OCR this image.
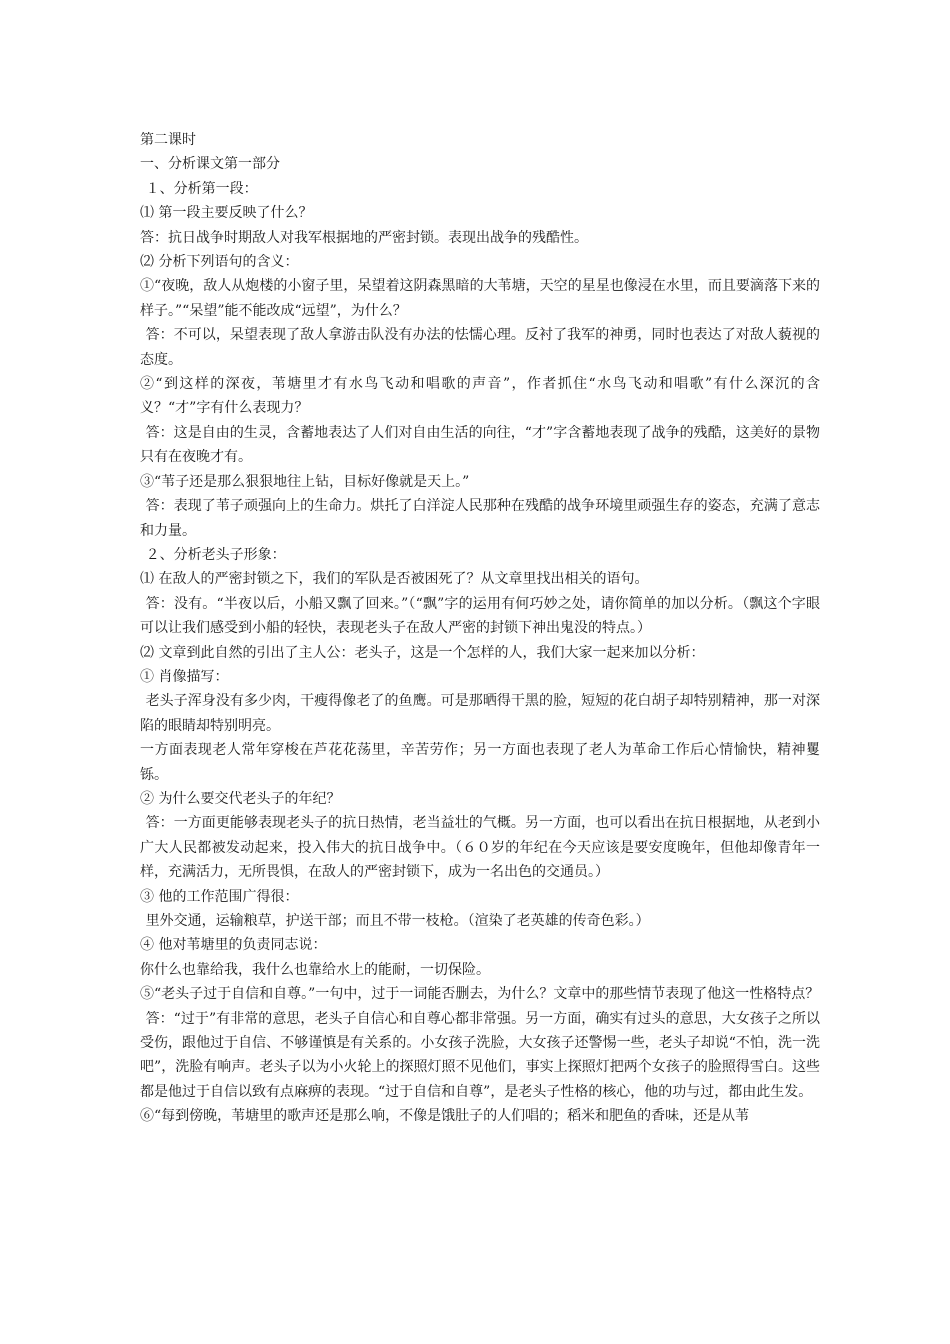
第二课时

一、分析课文第一部分

１、分析第一段：

⑴ 第一段主要反映了什么？

答：抗日战争时期敌人对我军根据地的严密封锁。表现出战争的残酷性。

⑵ 分析下列语句的含义：

①“夜晚，敌人从炮楼的小窗子里，呆望着这阴森黑暗的大苇塘，天空的星星也像浸在水里，而且要滴落下来的样子。”“呆望”能不能改成“远望”，为什么？

答：不可以，呆望表现了敌人拿游击队没有办法的怯懦心理。反衬了我军的神勇，同时也表达了对敌人藐视的态度。

②“到这样的深夜，苇塘里才有水鸟飞动和唱歌的声音”，作者抓住“水鸟飞动和唱歌”有什么深沉的含义？“才”字有什么表现力？

答：这是自由的生灵，含蓄地表达了人们对自由生活的向往，“才”字含蓄地表现了战争的残酷，这美好的景物只有在夜晚才有。

③“苇子还是那么狠狠地往上钻，目标好像就是天上。”

答：表现了苇子顽强向上的生命力。烘托了白洋淀人民那种在残酷的战争环境里顽强生存的姿态，充满了意志和力量。

２、分析老头子形象：

⑴ 在敌人的严密封锁之下，我们的军队是否被困死了？从文章里找出相关的语句。

答：没有。“半夜以后，小船又飘了回来。”（“飘”字的运用有何巧妙之处，请你简单的加以分析。（飘这个字眼可以让我们感受到小船的轻快，表现老头子在敌人严密的封锁下神出鬼没的特点。）

⑵ 文章到此自然的引出了主人公：老头子，这是一个怎样的人，我们大家一起来加以分析：

① 肖像描写：

老头子浑身没有多少肉，干瘦得像老了的鱼鹰。可是那晒得干黑的脸，短短的花白胡子却特别精神，那一对深陷的眼睛却特别明亮。

一方面表现老人常年穿梭在芦花花荡里，辛苦劳作；另一方面也表现了老人为革命工作后心情愉快，精神矍铄。

② 为什么要交代老头子的年纪？

答：一方面更能够表现老头子的抗日热情，老当益壮的气概。另一方面，也可以看出在抗日根据地，从老到小广大人民都被发动起来，投入伟大的抗日战争中。（６０岁的年纪在今天应该是要安度晚年，但他却像青年一样，充满活力，无所畏惧，在敌人的严密封锁下，成为一名出色的交通员。）

③ 他的工作范围广得很：

里外交通，运输粮草，护送干部；而且不带一枝枪。（渲染了老英雄的传奇色彩。）

④ 他对苇塘里的负责同志说：

你什么也靠给我，我什么也靠给水上的能耐，一切保险。

⑤“老头子过于自信和自尊。”一句中，过于一词能否删去，为什么？文章中的那些情节表现了他这一性格特点？

答：“过于”有非常的意思，老头子自信心和自尊心都非常强。另一方面，确实有过头的意思，大女孩子之所以受伤，跟他过于自信、不够谨慎是有关系的。小女孩子洗脸，大女孩子还警惕一些，老头子却说“不怕，洗一洗吧”，洗脸有响声。老头子以为小火轮上的探照灯照不见他们，事实上探照灯把两个女孩子的脸照得雪白。这些都是他过于自信以致有点麻痹的表现。“过于自信和自尊”，是老头子性格的核心，他的功与过，都由此生发。

⑥“每到傍晚，苇塘里的歌声还是那么响，不像是饿肚子的人们唱的；稻米和肥鱼的香味，还是从苇
